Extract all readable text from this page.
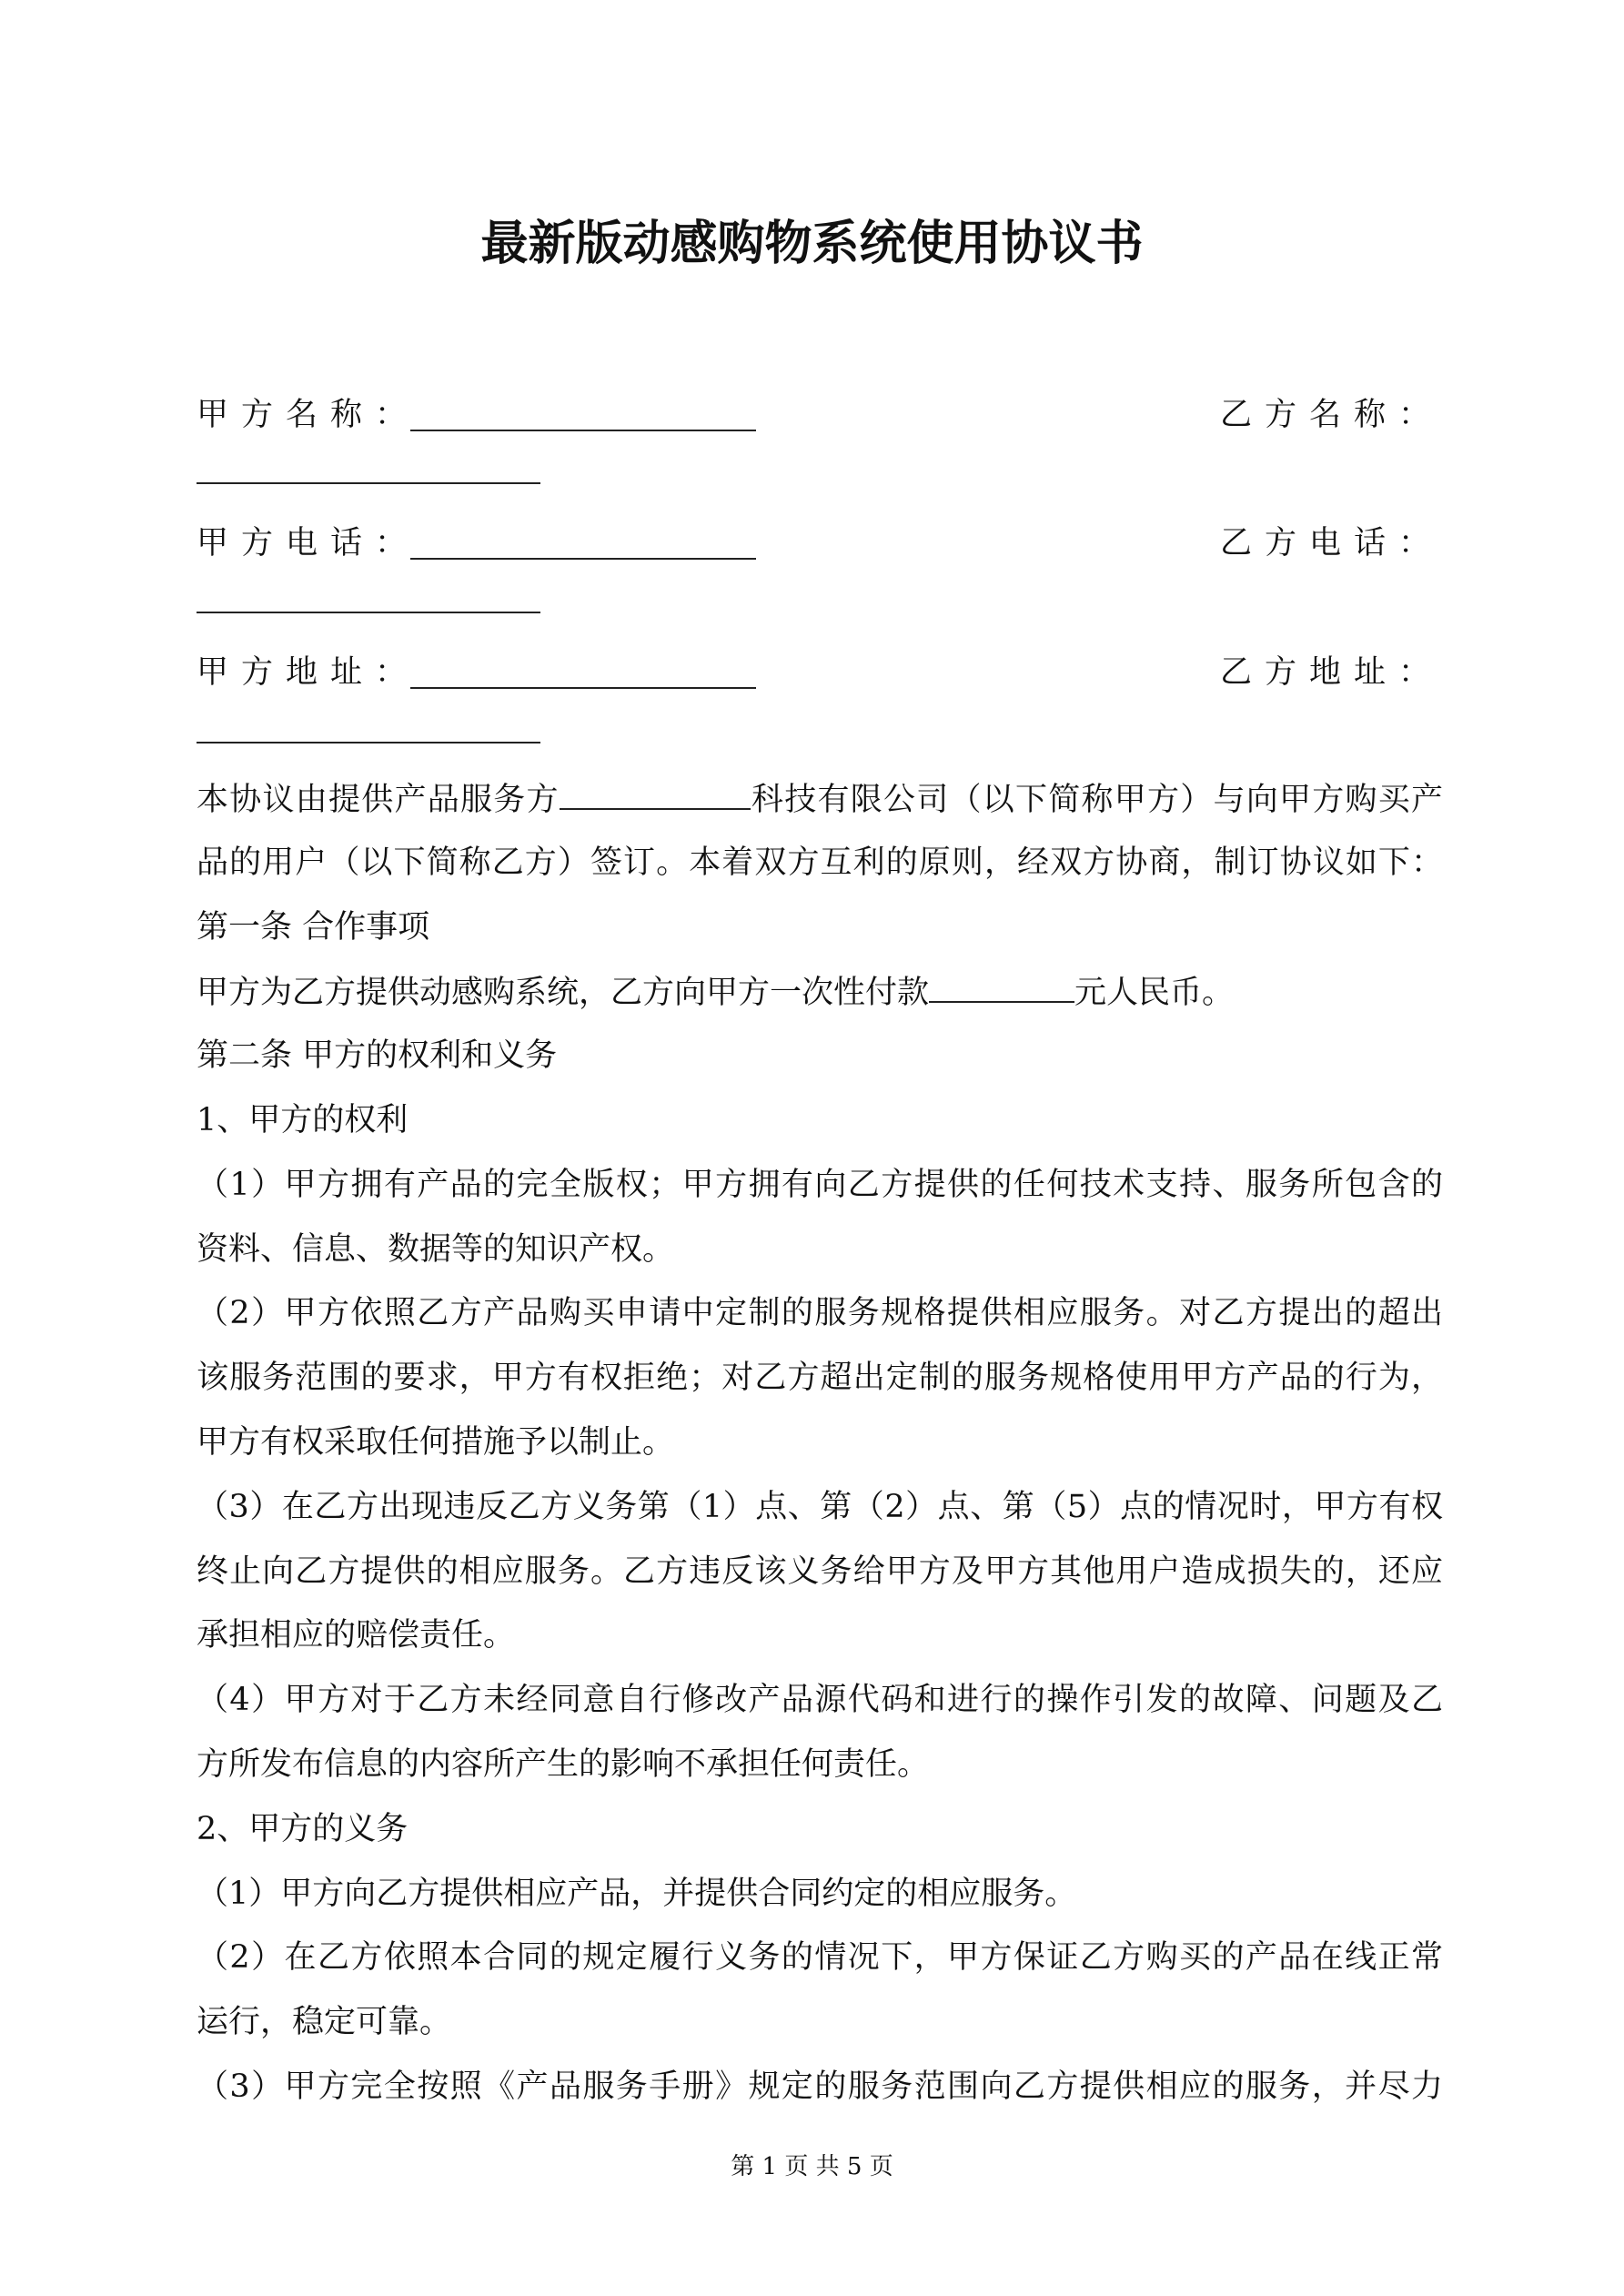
最新版动感购物系统使用协议书
甲方名称：	乙方名称：
甲方电话：	乙方电话：
甲方地址：	乙方地址：
本协议由提供产品服务方	科技有限公司（以下简称甲方）与向甲方购买产
品的用户（以下简称乙方）签订。本着双方互利的原则，经双方协商，制订协议如下：
第一条 合作事项
甲方为乙方提供动感购系统，乙方向甲方一次性付款	元人民币。
第二条 甲方的权利和义务
1、甲方的权利
（1）甲方拥有产品的完全版权；甲方拥有向乙方提供的任何技术支持、服务所包含的
资料、信息、数据等的知识产权。
（2）甲方依照乙方产品购买申请中定制的服务规格提供相应服务。对乙方提出的超出
该服务范围的要求，甲方有权拒绝；对乙方超出定制的服务规格使用甲方产品的行为，
甲方有权采取任何措施予以制止。
（3）在乙方出现违反乙方义务第（1）点、第（2）点、第（5）点的情况时，甲方有权
终止向乙方提供的相应服务。乙方违反该义务给甲方及甲方其他用户造成损失的，还应
承担相应的赔偿责任。
（4）甲方对于乙方未经同意自行修改产品源代码和进行的操作引发的故障、问题及乙
方所发布信息的内容所产生的影响不承担任何责任。
2、甲方的义务
（1）甲方向乙方提供相应产品，并提供合同约定的相应服务。
（2）在乙方依照本合同的规定履行义务的情况下，甲方保证乙方购买的产品在线正常
运行，稳定可靠。
（3）甲方完全按照《产品服务手册》规定的服务范围向乙方提供相应的服务，并尽力
第 1 页 共 5 页
